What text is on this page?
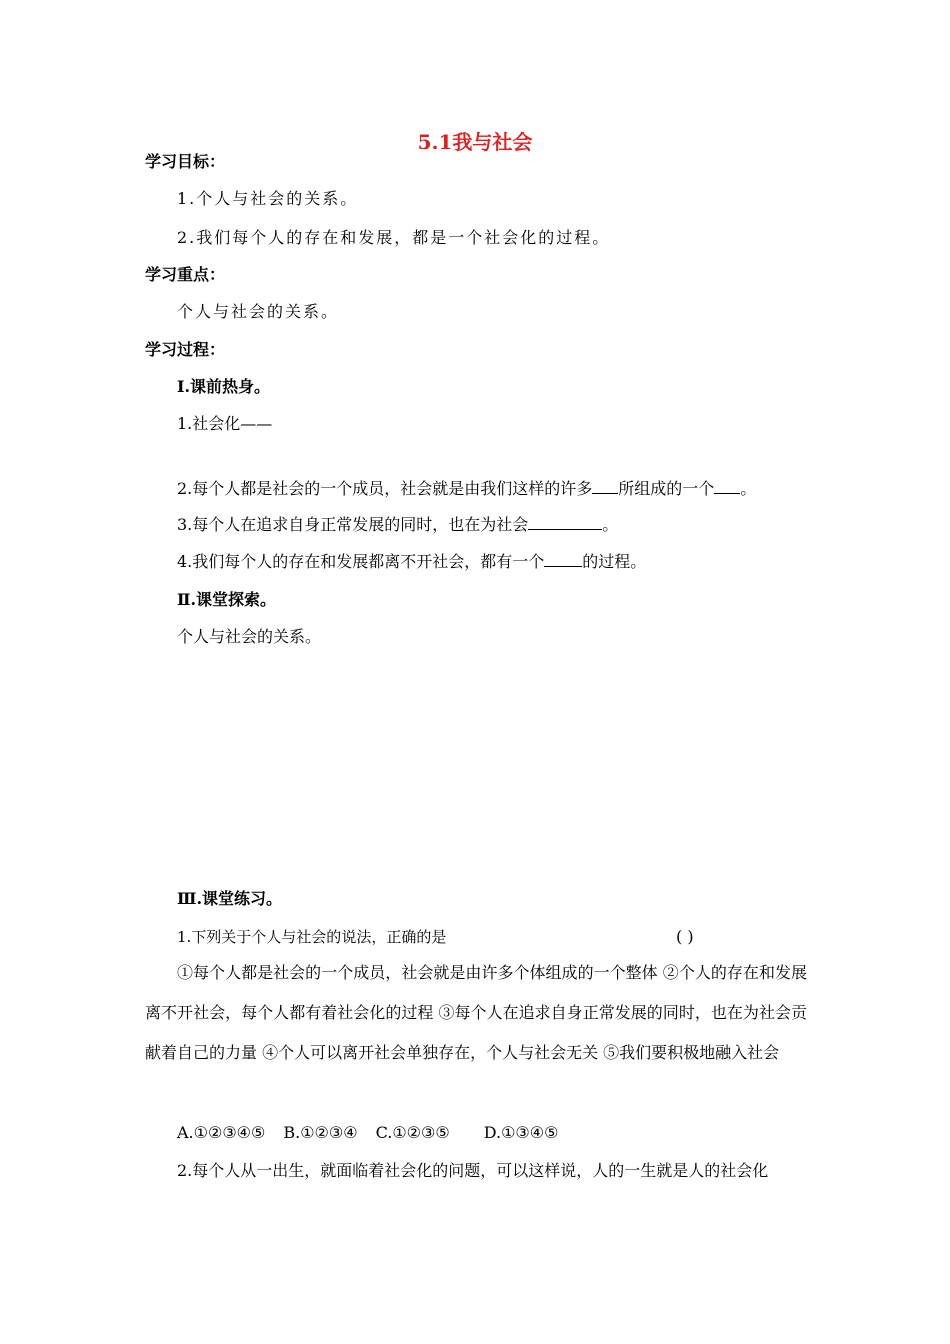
5.1我与社会
学习目标：
1.个人与社会的关系。
2.我们每个人的存在和发展，都是一个社会化的过程。
学习重点：
个人与社会的关系。
学习过程：
Ⅰ.课前热身。
1.社会化——
2.每个人都是社会的一个成员，社会就是由我们这样的许多 所组成的一个 。
3.每个人在追求自身正常发展的同时，也在为社会	。
4.我们每个人的存在和发展都离不开社会，都有一个 的过程。
Ⅱ.课堂探索。
个人与社会的关系。
Ⅲ.课堂练习。
1.下列关于个人与社会的说法，正确的是	( )
①每个人都是社会的一个成员，社会就是由许多个体组成的一个整体 ②个人的存在和发展离不开社会，每个人都有着社会化的过程 ③每个人在追求自身正常发展的同时，也在为社会贡献着自己的力量 ④个人可以离开社会单独存在，个人与社会无关 ⑤我们要积极地融入社会
A.①②③④⑤ B.①②③④ C.①②③⑤ D.①③④⑤
2.每个人从一出生，就面临着社会化的问题，可以这样说，人的一生就是人的社会化
